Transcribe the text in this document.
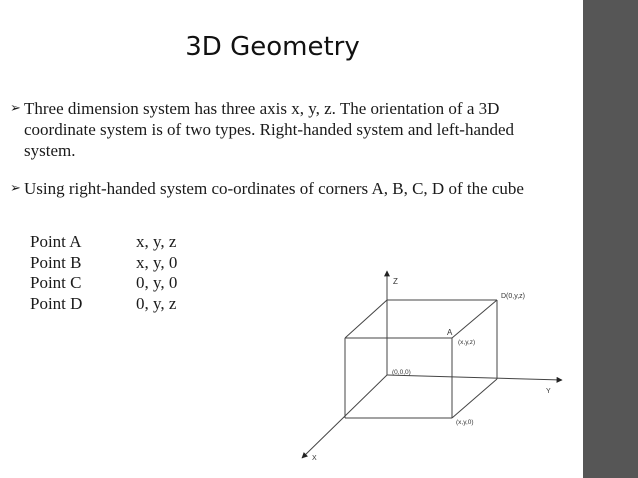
3D Geometry
➢ Three dimension system has three axis x, y, z. The orientation of a 3D coordinate system is of two types. Right-handed system and left-handed system.
➢ Using right-handed system co-ordinates of corners A, B, C, D of the cube
Point A	x, y, z
Point B	x, y, 0
Point C	0, y, 0
Point D	0, y, z
Z
Y
X
D(0,y,z)
A
(x,y,z)
(0,0,0)
(x,y,0)
